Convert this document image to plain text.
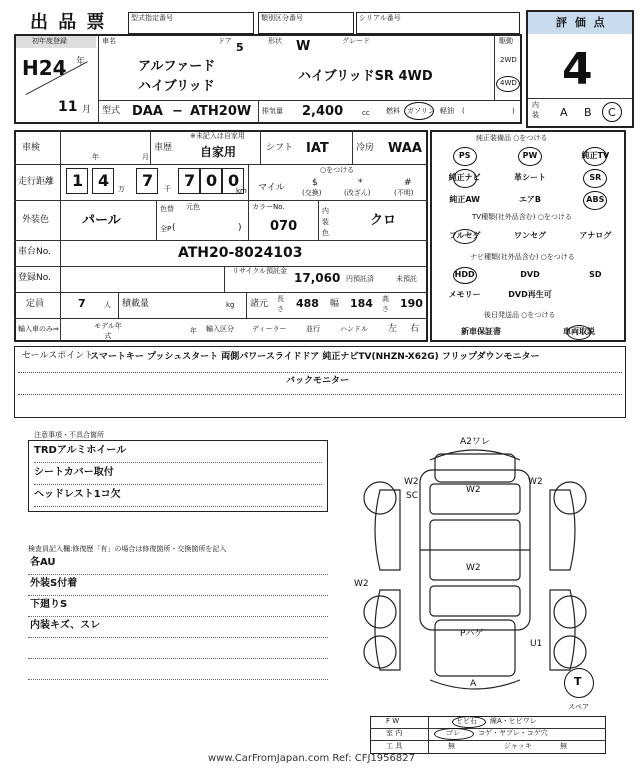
出 品 票	型式指定番号	類別区分番号	シリアル番号	評 価 点
4
内装 A B C
初年度登録
H24 年
11 月
車名
アルファード
ハイブリッド
ドア 5	形状 W	グレード
ハイブリッドSR 4WD
駆動
2WD
4WD
型式 DAA − ATH20W 排気量 2,400	cc 燃料 ガソリン 軽油 (	)
車検
年	月
車歴
※未記入は自家用
自家用	シフト IAT	冷房 WAA
走行距離 1 4 7 7 0 0
万	千	km マイル
○をつける
$	*	#
(交換)	(改ざん)	(不明)
外装色	パール
色替 元色
全P (	)
カラーNo.
070
内装色
クロ
車台No.	ATH20-8024103
登録No.
リサイクル預託金 17,060 円預託済	未預託
定員	7	人 積載量	kg 諸元 長さ 488 幅 184 高さ 190
輸入車のみ⇒	モデル年式
年 輸入区分	ディーラー	並行	ハンドル 左 右
純正装備品 ○をつける
PS	PW	純正TV
純正ナビ	革シート	SR
純正AW	エアB	ABS
TV種類(社外品含む) ○をつける
フルセグ	ワンセグ	アナログ
ナビ種類(社外品含む) ○をつける
HDD	DVD	SD
メモリー	DVD再生可
後日発送品 ○をつける
新車保証書	車両取説
セールスポイント
スマートキー プッシュスタート 両側パワースライドドア 純正ナビTV(NHZN-X62G) フリップダウンモニター
バックモニター
注意事項・不具合箇所
TRDアルミホイール
シートカバー取付
ヘッドレスト1コ欠
検査員記入欄:修復歴「有」の場合は修復箇所・交換箇所を記入
各AU
外装S付着
下廻りS
内装キズ、スレ
A2ワレ
W2
W2
W2
SC
W2
W2
Pハゲ
U1
A	T
スペア
F W	ヒビ石 線A・ヒビワレ
室 内	ゴレ	コゲ・ヤブレ・コゲ穴
工 具	無	ジャッキ	無
www.CarFromJapan.com Ref: CFJ1956827
